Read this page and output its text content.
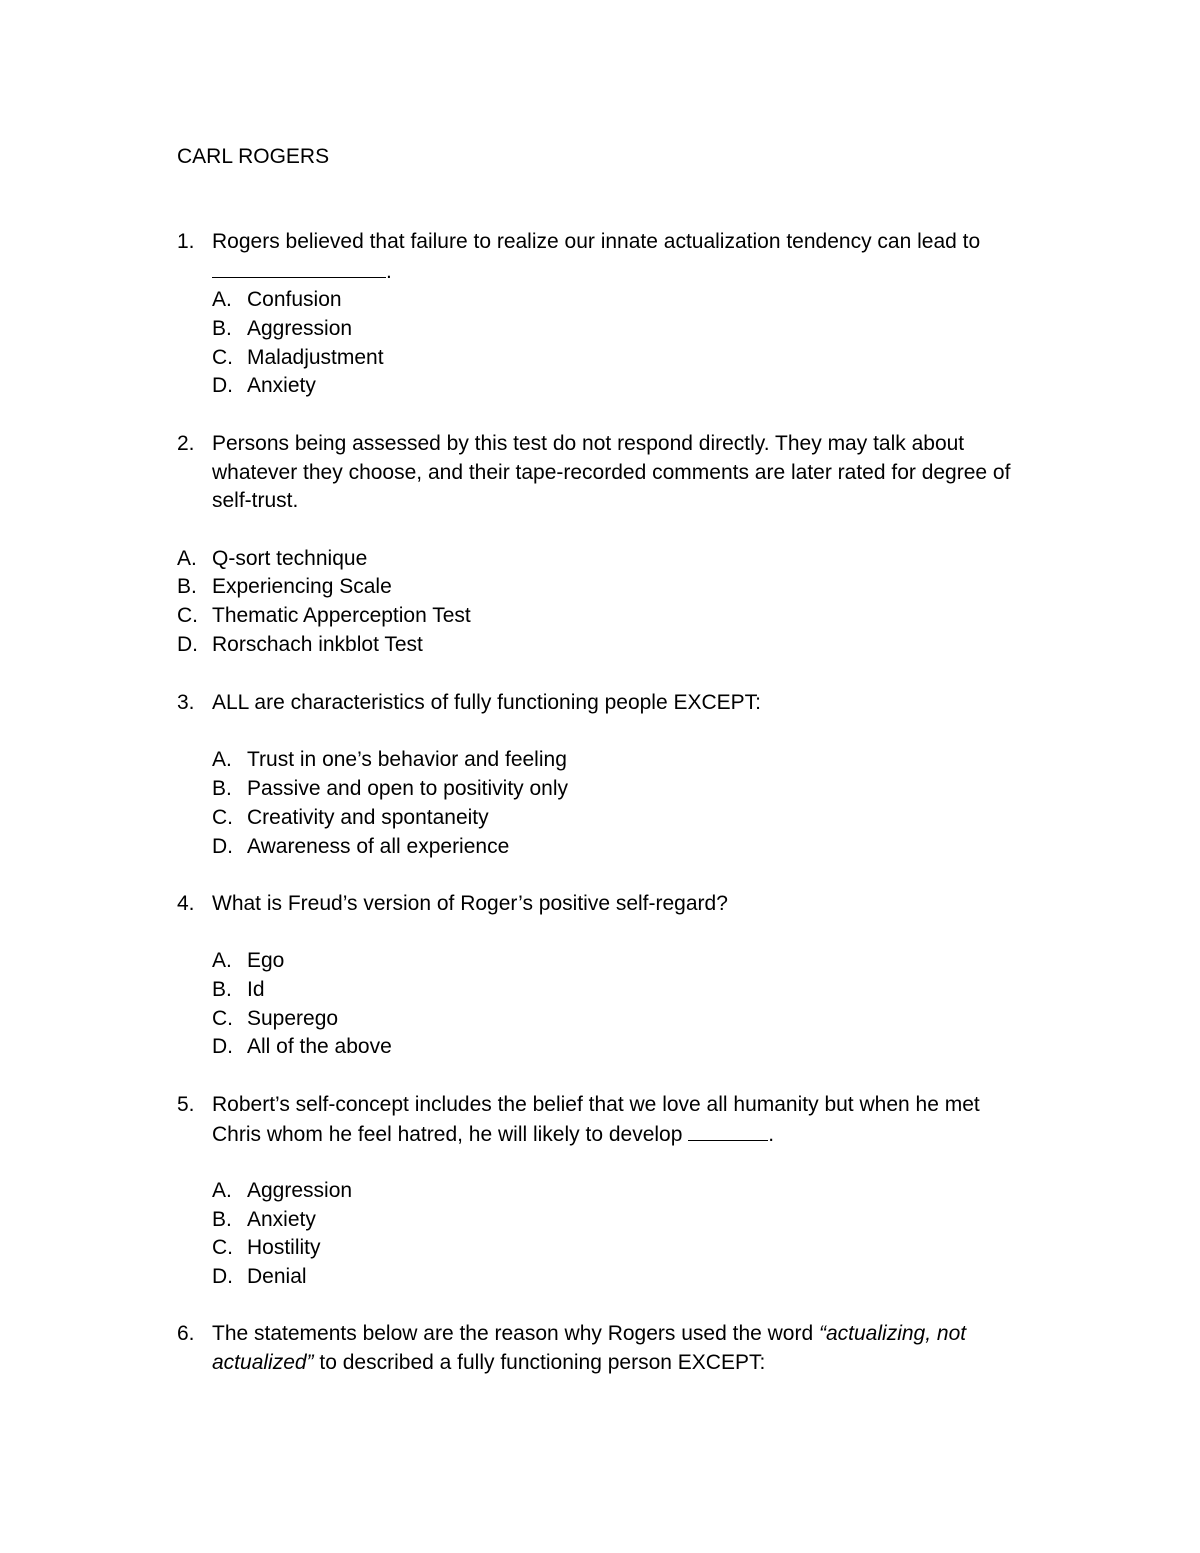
CARL ROGERS
1. Rogers believed that failure to realize our innate actualization tendency can lead to
.
A. Confusion
B. Aggression
C. Maladjustment
D. Anxiety
2. Persons being assessed by this test do not respond directly. They may talk about
whatever they choose, and their tape-recorded comments are later rated for degree of
self-trust.
A. Q-sort technique
B. Experiencing Scale
C. Thematic Apperception Test
D. Rorschach inkblot Test
3. ALL are characteristics of fully functioning people EXCEPT:
A. Trust in one’s behavior and feeling
B. Passive and open to positivity only
C. Creativity and spontaneity
D. Awareness of all experience
4. What is Freud’s version of Roger’s positive self-regard?
A. Ego
B. Id
C. Superego
D. All of the above
5. Robert’s self-concept includes the belief that we love all humanity but when he met
Chris whom he feel hatred, he will likely to develop	.
A. Aggression
B. Anxiety
C. Hostility
D. Denial
6. The statements below are the reason why Rogers used the word “actualizing, not
actualized” to described a fully functioning person EXCEPT:
